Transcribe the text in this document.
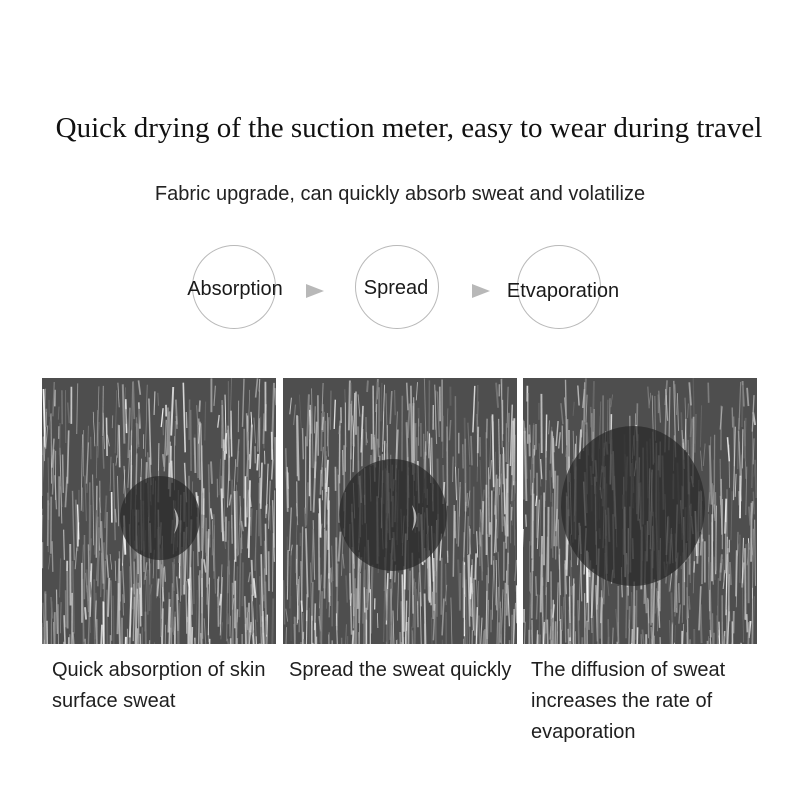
Quick drying of the suction meter, easy to wear during travel
Fabric upgrade, can quickly absorb sweat and volatilize
Absorption	Spread	Etvaporation
Quick absorption of skin
surface sweat
Spread the sweat quickly The diffusion of sweat
increases the rate of
evaporation
